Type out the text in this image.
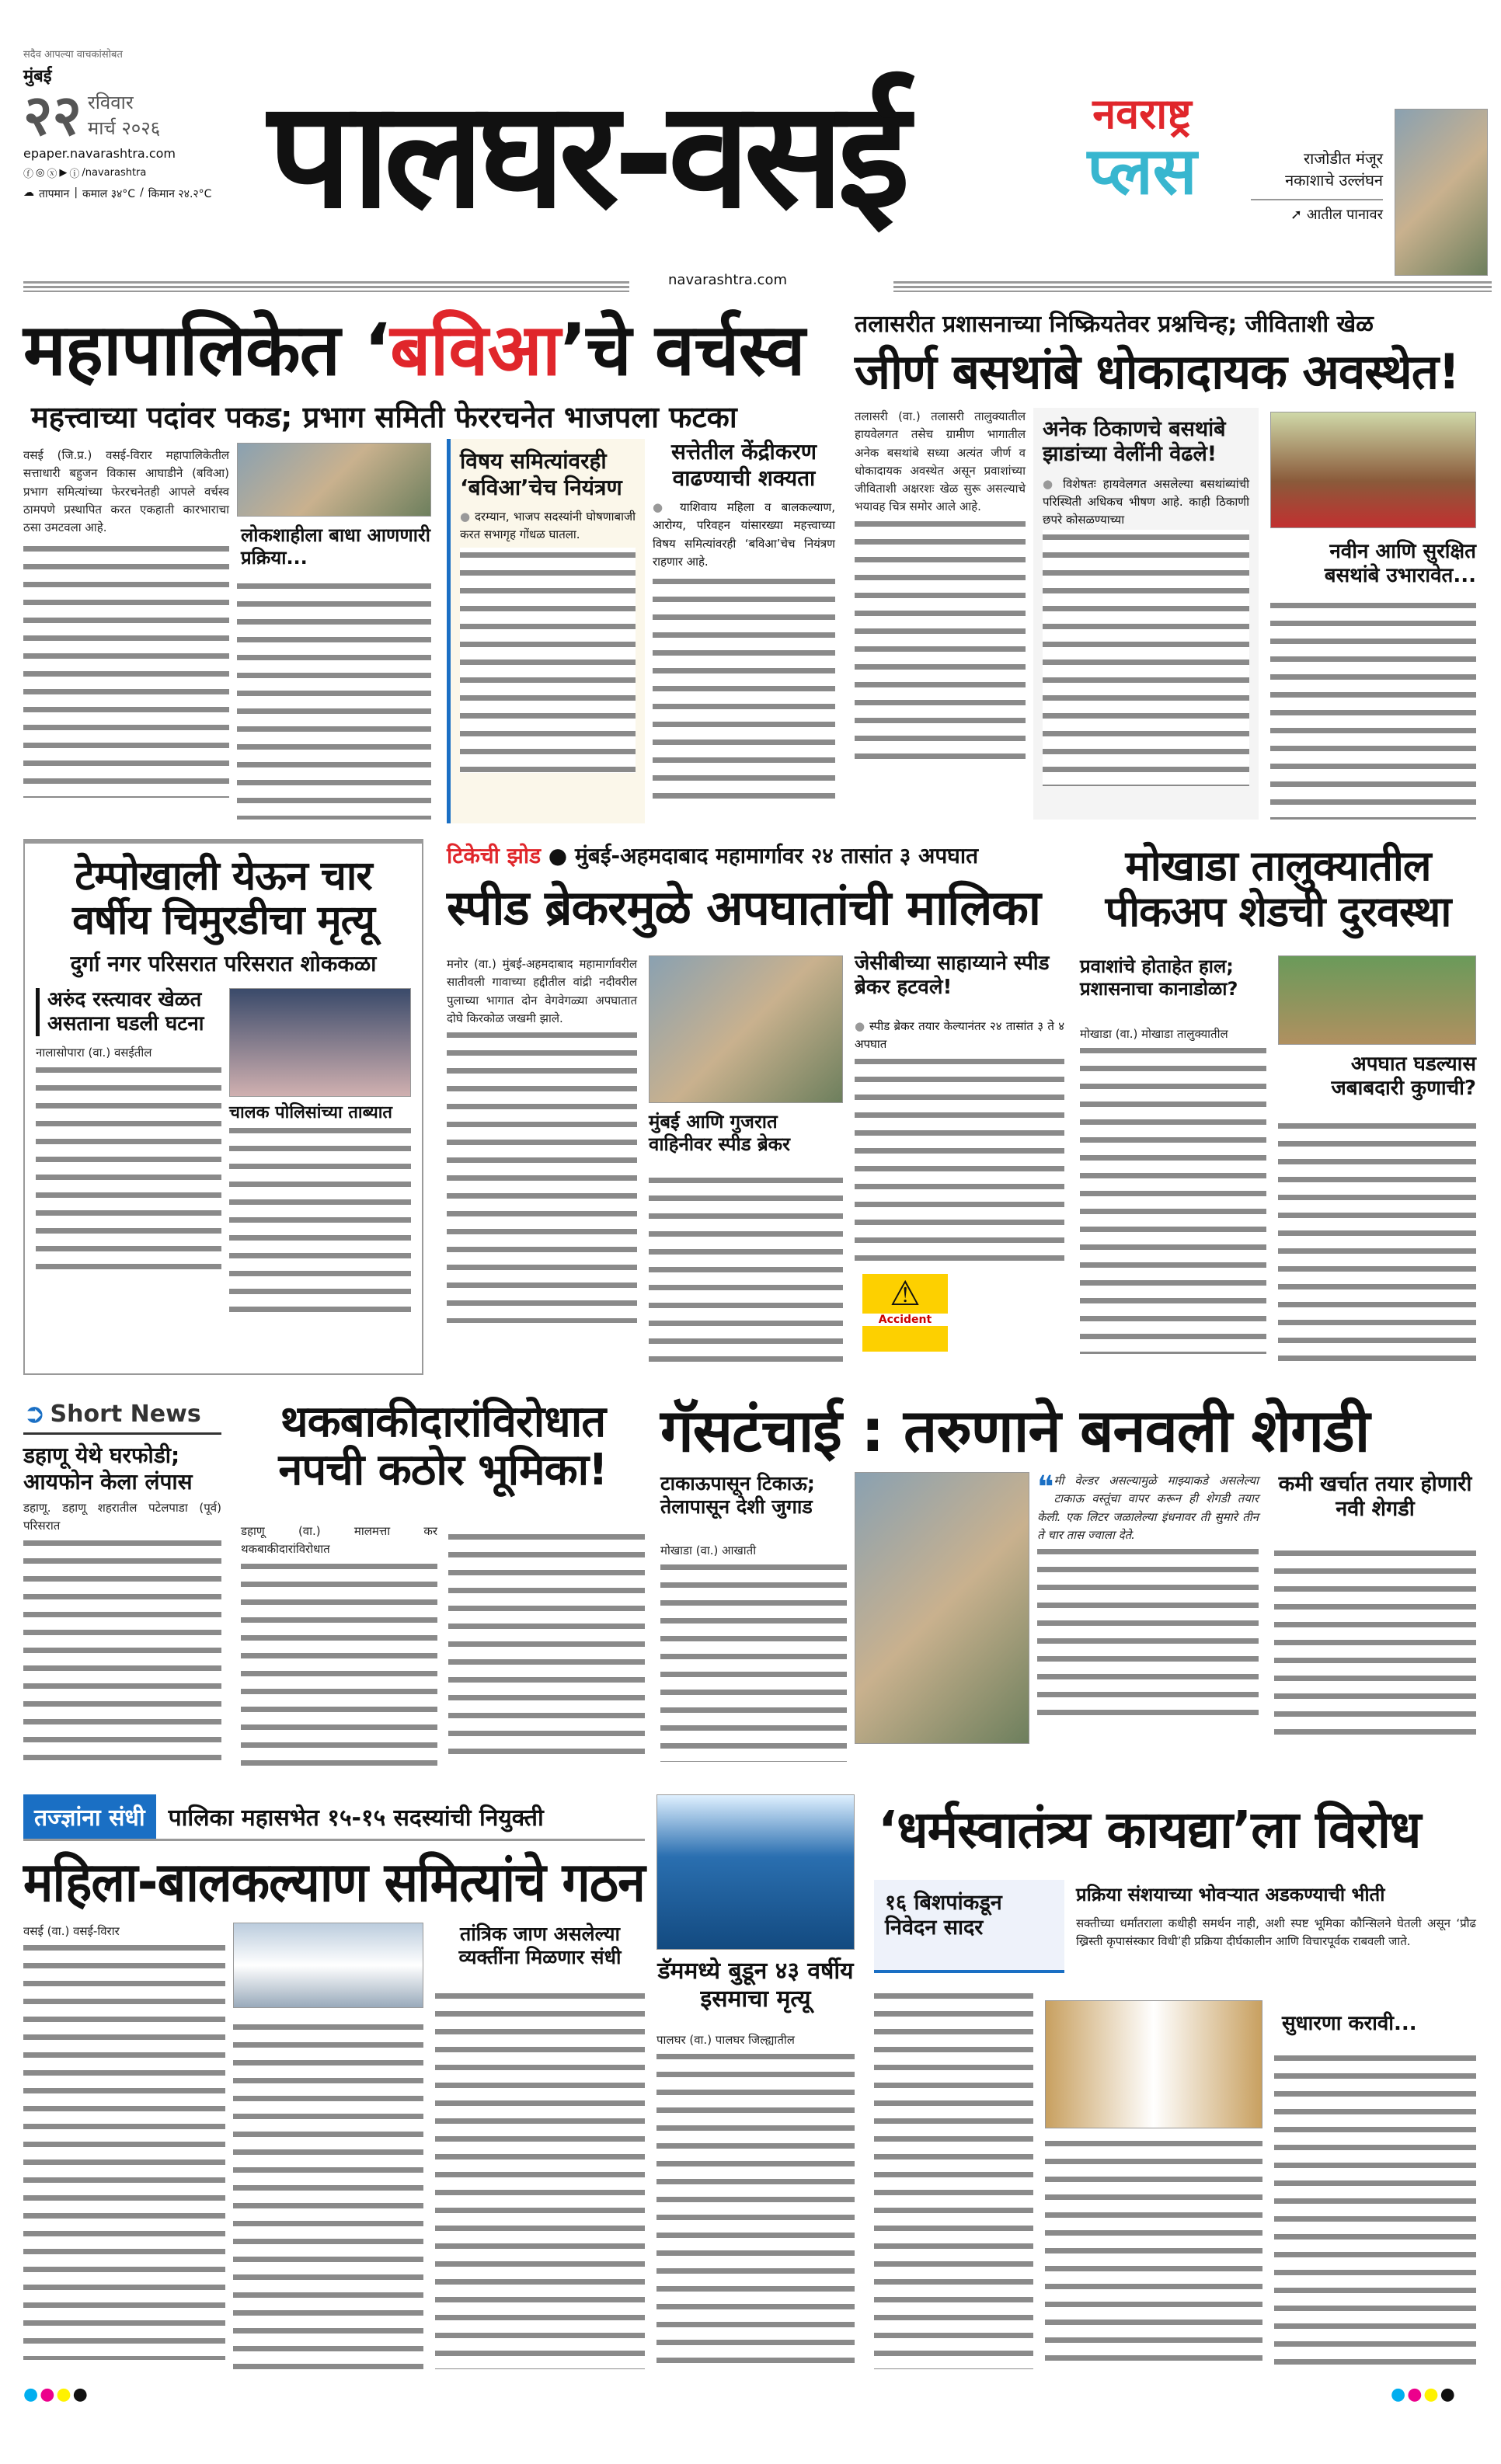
सदैव आपल्या वाचकांसोबत
मुंबई
२२ रविवार
मार्च २०२६
epaper.navarashtra.com
ⓕ ◎ ⓧ ▶ ⓘ /navarashtra
☁ तापमान | कमाल ३४°C / किमान २४.२°C पालघर-वसई	नवराष्ट्र
प्लस	राजोडीत मंजूर नकाशाचे उल्लंघन
➚ आतील पानावर
navarashtra.com
महापालिकेत ‘बविआ’चे वर्चस्व
महत्त्वाच्या पदांवर पकड; प्रभाग समिती फेररचनेत भाजपला फटका

वसई (जि.प्र.) वसई-विरार महापालिकेतील सत्ताधारी बहुजन विकास आघाडीने (बविआ) प्रभाग समित्यांच्या फेररचनेतही आपले वर्चस्व ठामपणे प्रस्थापित करत एकहाती कारभाराचा ठसा उमटवला आहे.	लोकशाहीला बाधा आणणारी प्रक्रिया...
विषय समित्यांवरही ‘बविआ’चेच नियंत्रण

● दरम्यान, भाजप सदस्यांनी घोषणाबाजी करत सभागृह गोंधळ घातला.

सत्तेतील केंद्रीकरण वाढण्याची शक्यता

● याशिवाय महिला व बालकल्याण, आरोग्य, परिवहन यांसारख्या महत्त्वाच्या विषय समित्यांवरही ‘बविआ’चेच नियंत्रण राहणार आहे.

तलासरीत प्रशासनाच्या निष्क्रियतेवर प्रश्नचिन्ह; जीविताशी खेळ
जीर्ण बसथांबे धोकादायक अवस्थेत!

तलासरी (वा.) तलासरी तालुक्यातील हायवेलगत तसेच ग्रामीण भागातील अनेक बसथांबे सध्या अत्यंत जीर्ण व धोकादायक अवस्थेत असून प्रवाशांच्या जीविताशी अक्षरशः खेळ सुरू असल्याचे भयावह चित्र समोर आले आहे.

अनेक ठिकाणचे बसथांबे झाडांच्या वेलींनी वेढले!

● विशेषतः हायवेलगत असलेल्या बसथांब्यांची परिस्थिती अधिकच भीषण आहे. काही ठिकाणी छपरे कोसळण्याच्या

नवीन आणि सुरक्षित बसथांबे उभारावेत...
टेम्पोखाली येऊन चार वर्षीय चिमुरडीचा मृत्यू
दुर्गा नगर परिसरात परिसरात शोककळा
अरुंद रस्त्यावर खेळत असताना घडली घटना

नालासोपारा (वा.) वसईतील

चालक पोलिसांच्या ताब्यात
टिकेची झोड ● मुंबई-अहमदाबाद महामार्गावर २४ तासांत ३ अपघात
स्पीड ब्रेकरमुळे अपघातांची मालिका

मनोर (वा.) मुंबई-अहमदाबाद महामार्गावरील सातीवली गावाच्या हद्दीतील वांद्री नदीवरील पुलाच्या भागात दोन वेगवेगळ्या अपघातात दोघे किरकोळ जखमी झाले.

मुंबई आणि गुजरात वाहिनीवर स्पीड ब्रेकर
जेसीबीच्या साहाय्याने स्पीड ब्रेकर हटवले!

● स्पीड ब्रेकर तयार केल्यानंतर २४ तासांत ३ ते ४ अपघात

⚠
Accident
मोखाडा तालुक्यातील पीकअप शेडची दुरवस्था
प्रवाशांचे होताहेत हाल; प्रशासनाचा कानाडोळा?

मोखाडा (वा.) मोखाडा तालुक्यातील

अपघात घडल्यास जबाबदारी कुणाची?
➲ Short News
डहाणू येथे घरफोडी; आयफोन केला लंपास

डहाणू. डहाणू शहरातील पटेलपाडा (पूर्व) परिसरात

थकबाकीदारांविरोधात नपची कठोर भूमिका!

डहाणू (वा.) मालमत्ता कर थकबाकीदारांविरोधात

गॅसटंचाई : तरुणाने बनवली शेगडी
टाकाऊपासून टिकाऊ; तेलापासून देशी जुगाड

मोखाडा (वा.) आखाती

❝ मी वेल्डर असल्यामुळे माझ्याकडे असलेल्या टाकाऊ वस्तूंचा वापर करून ही शेगडी तयार केली. एक लिटर जळालेल्या इंधनावर ती सुमारे तीन ते चार तास ज्वाला देते.

कमी खर्चात तयार होणारी नवी शेगडी
तज्ज्ञांना संधी	पालिका महासभेत १५-१५ सदस्यांची नियुक्ती
महिला-बालकल्याण समित्यांचे गठन

वसई (वा.) वसई-विरार	तांत्रिक जाण असलेल्या व्यक्तींना मिळणार संधी
डॅममध्ये बुडून ४३ वर्षीय इसमाचा मृत्यू

पालघर (वा.) पालघर जिल्ह्यातील

‘धर्मस्वातंत्र्य कायद्या’ला विरोध
१६ बिशपांकडून निवेदन सादर
प्रक्रिया संशयाच्या भोवऱ्यात अडकण्याची भीती
सक्तीच्या धर्मांतराला कधीही समर्थन नाही, अशी स्पष्ट भूमिका कौन्सिलने घेतली असून ‘प्रौढ ख्रिस्ती कृपासंस्कार विधी’ही प्रक्रिया दीर्घकालीन आणि विचारपूर्वक राबवली जाते.
सुधारणा करावी...
●●●●	●●●●
